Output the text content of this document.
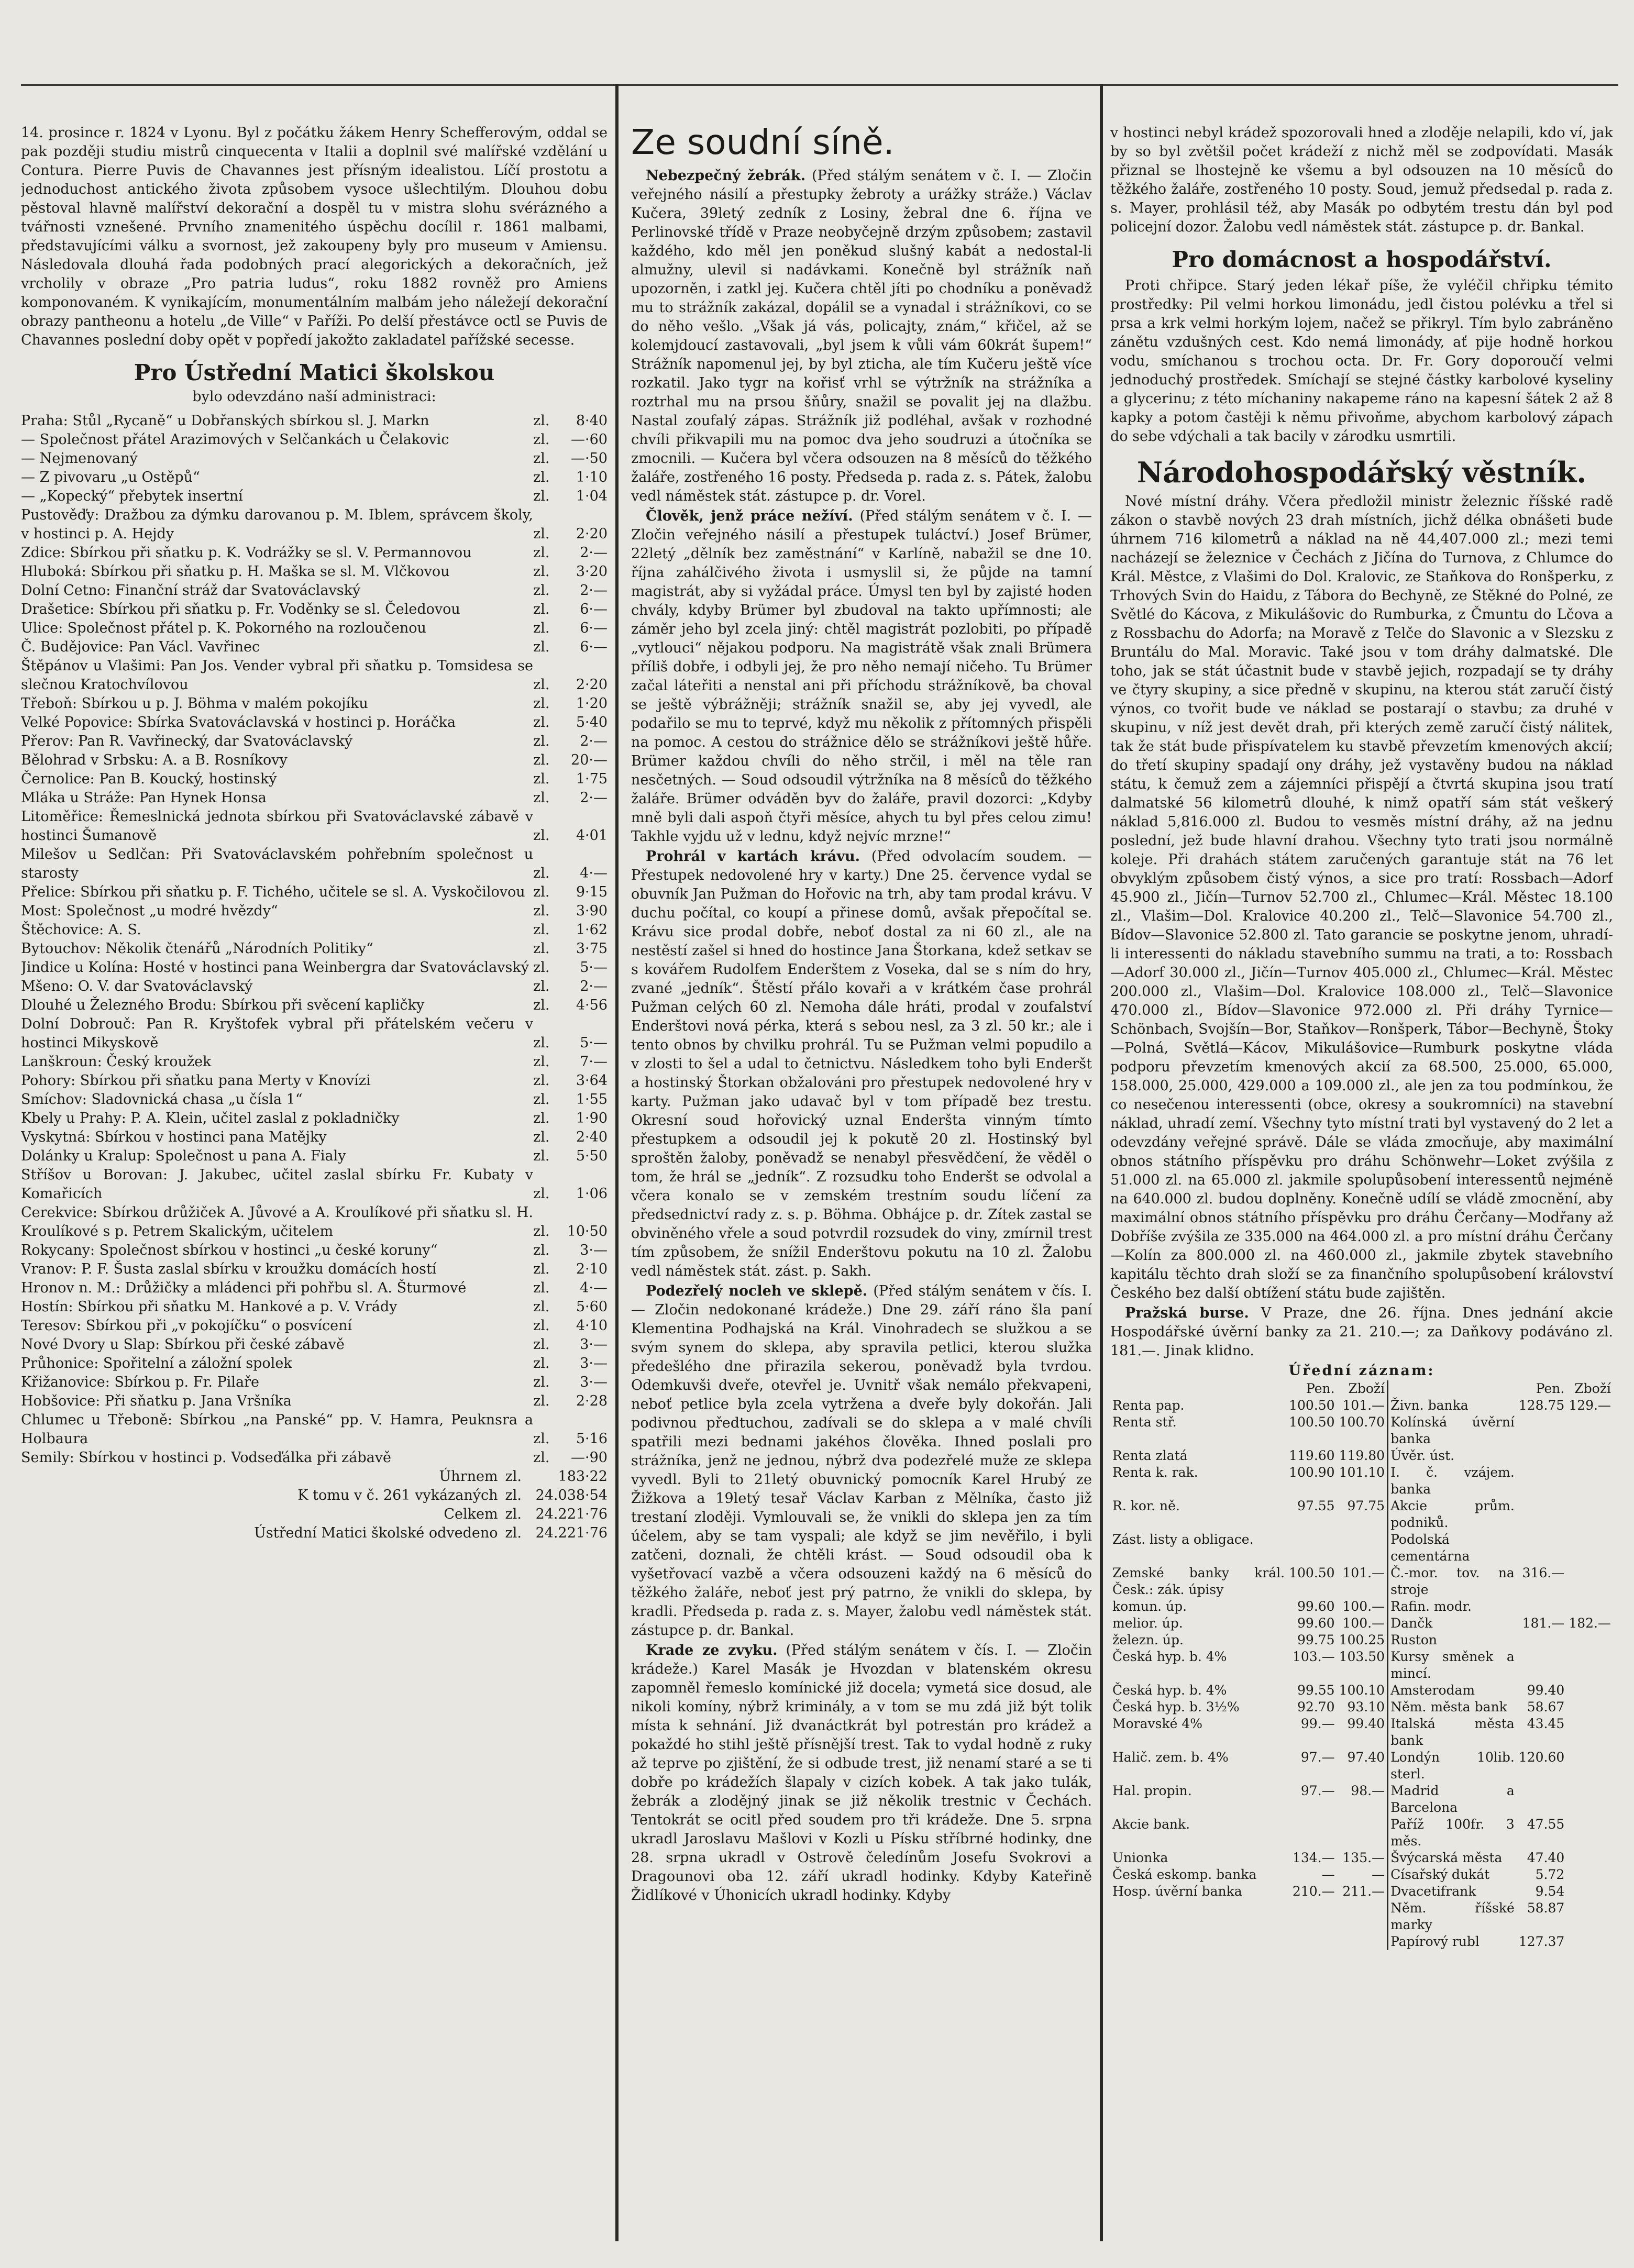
14. prosince r. 1824 v Lyonu. Byl z počátku žákem Henry Schefferovým, oddal se pak později studiu mistrů cinquecenta v Italii a doplnil své malířské vzdělání u Contura. Pierre Puvis de Chavannes jest přísným idealistou. Líčí prostotu a jednoduchost antického života způsobem vysoce ušlechtilým. Dlouhou dobu pěstoval hlavně malířství dekorační a dospěl tu v mistra slohu svérázného a tvářnosti vznešené. Prvního znamenitého úspěchu docílil r. 1861 malbami, představujícími válku a svornost, jež zakoupeny byly pro museum v Amiensu. Následovala dlouhá řada podobných prací alegorických a dekoračních, jež vrcholily v obraze „Pro patria ludus“, roku 1882 rovněž pro Amiens komponovaném. K vynikajícím, monumentálním malbám jeho náležejí dekorační obrazy pantheonu a hotelu „de Ville“ v Paříži. Po delší přestávce octl se Puvis de Chavannes poslední doby opět v popředí jakožto zakladatel pařížské secesse.

Pro Ústřední Matici školskou
bylo odevzdáno naší administraci:
Praha: Stůl „Rycaně“ u Dobřanských sbírkou sl. J. Markn	zl.	8·40
— Společnost přátel Arazimových v Selčankách u Čelakovic	zl.	—·60
— Nejmenovaný	zl.	—·50
— Z pivovaru „u Ostěpů“	zl.	1·10
— „Kopecký“ přebytek insertní	zl.	1·04
Pustověďy: Dražbou za dýmku darovanou p. M. Iblem, správcem školy, v hostinci p. A. Hejdy	zl.	2·20
Zdice: Sbírkou při sňatku p. K. Vodrážky se sl. V. Permannovou	zl.	2·—
Hluboká: Sbírkou při sňatku p. H. Maška se sl. M. Vlčkovou	zl.	3·20
Dolní Cetno: Finanční stráž dar Svatováclavský	zl.	2·—
Drašetice: Sbírkou při sňatku p. Fr. Voděnky se sl. Čeledovou	zl.	6·—
Ulice: Společnost přátel p. K. Pokorného na rozloučenou	zl.	6·—
Č. Budějovice: Pan Václ. Vavřinec	zl.	6·—
Štěpánov u Vlašimi: Pan Jos. Vender vybral při sňatku p. Tomsidesa se slečnou Kratochvílovou	zl.	2·20
Třeboň: Sbírkou u p. J. Böhma v malém pokojíku	zl.	1·20
Velké Popovice: Sbírka Svatováclavská v hostinci p. Horáčka	zl.	5·40
Přerov: Pan R. Vavřinecký, dar Svatováclavský	zl.	2·—
Bělohrad v Srbsku: A. a B. Rosníkovy	zl.	20·—
Černolice: Pan B. Koucký, hostinský	zl.	1·75
Mláka u Stráže: Pan Hynek Honsa	zl.	2·—
Litoměřice: Řemeslnická jednota sbírkou při Svatováclavské zábavě v hostinci Šumanově	zl.	4·01
Milešov u Sedlčan: Při Svatováclavském pohřebním společnost u starosty	zl.	4·—
Přelice: Sbírkou při sňatku p. F. Tichého, učitele se sl. A. Vyskočilovou zl.	9·15
Most: Společnost „u modré hvězdy“	zl.	3·90
Štěchovice: A. S.	zl.	1·62
Bytouchov: Několik čtenářů „Národních Politiky“	zl.	3·75
Jindice u Kolína: Hosté v hostinci pana Weinbergra dar Svatováclavský zl.	5·—
Mšeno: O. V. dar Svatováclavský	zl.	2·—
Dlouhé u Železného Brodu: Sbírkou při svěcení kapličky	zl.	4·56
Dolní Dobrouč: Pan R. Kryštofek vybral při přátelském večeru v hostinci Mikyskově	zl.	5·—
Lanškroun: Český kroužek	zl.	7·—
Pohory: Sbírkou při sňatku pana Merty v Knovízi	zl.	3·64
Smíchov: Sladovnická chasa „u čísla 1“	zl.	1·55
Kbely u Prahy: P. A. Klein, učitel zaslal z pokladničky	zl.	1·90
Vyskytná: Sbírkou v hostinci pana Matějky	zl.	2·40
Dolánky u Kralup: Společnost u pana A. Fialy	zl.	5·50
Stříšov u Borovan: J. Jakubec, učitel zaslal sbírku Fr. Kubaty v Komařicích	zl.	1·06
Cerekvice: Sbírkou drůžiček A. Jůvové a A. Kroulíkové při sňatku sl. H. Kroulíkové s p. Petrem Skalickým, učitelem	zl.	10·50
Rokycany: Společnost sbírkou v hostinci „u české koruny“	zl.	3·—
Vranov: P. F. Šusta zaslal sbírku v kroužku domácích hostí	zl.	2·10
Hronov n. M.: Drůžičky a mládenci při pohřbu sl. A. Šturmové	zl.	4·—
Hostín: Sbírkou při sňatku M. Hankové a p. V. Vrády	zl.	5·60
Teresov: Sbírkou při „v pokojíčku“ o posvícení	zl.	4·10
Nové Dvory u Slap: Sbírkou při české zábavě	zl.	3·—
Průhonice: Spořitelní a záložní spolek	zl.	3·—
Křižanovice: Sbírkou p. Fr. Pilaře	zl.	3·—
Hobšovice: Při sňatku p. Jana Vršníka	zl.	2·28
Chlumec u Třeboně: Sbírkou „na Panské“ pp. V. Hamra, Peuknsra a Holbaura	zl.	5·16
Semily: Sbírkou v hostinci p. Vodseďálka při zábavě	zl.	—·90
Úhrnem zl.	183·22
K tomu v č. 261 vykázaných zl. 24.038·54
Celkem zl. 24.221·76
Ústřední Matici školské odvedeno zl. 24.221·76
Ze soudní síně.

Nebezpečný žebrák. (Před stálým senátem v č. I. — Zločin veřejného násilí a přestupky žebroty a urážky stráže.) Václav Kučera, 39letý zedník z Losiny, žebral dne 6. října ve Perlinovské třídě v Praze neobyčejně drzým způsobem; zastavil každého, kdo měl jen poněkud slušný kabát a nedostal-li almužny, ulevil si nadávkami. Konečně byl strážník naň upozorněn, i zatkl jej. Kučera chtěl jíti po chodníku a poněvadž mu to strážník zakázal, dopálil se a vynadal i strážníkovi, co se do něho vešlo. „Však já vás, policajty, znám,“ křičel, až se kolemjdoucí zastavovali, „byl jsem k vůli vám 60krát šupem!“ Strážník napomenul jej, by byl zticha, ale tím Kučeru ještě více rozkatil. Jako tygr na kořisť vrhl se výtržník na strážníka a roztrhal mu na prsou šňůry, snažil se povalit jej na dlažbu. Nastal zoufalý zápas. Strážník již podléhal, avšak v rozhodné chvíli přikvapili mu na pomoc dva jeho soudruzi a útočníka se zmocnili. — Kučera byl včera odsouzen na 8 měsíců do těžkého žaláře, zostřeného 16 posty. Předseda p. rada z. s. Pátek, žalobu vedl náměstek stát. zástupce p. dr. Vorel.

Člověk, jenž práce nežíví. (Před stálým senátem v č. I. — Zločin veřejného násilí a přestupek tuláctví.) Josef Brümer, 22letý „dělník bez zaměstnání“ v Karlíně, nabažil se dne 10. října zahálčivého života i usmyslil si, že půjde na tamní magistrát, aby si vyžádal práce. Úmysl ten byl by zajisté hoden chvály, kdyby Brümer byl zbudoval na takto upřímnosti; ale záměr jeho byl zcela jiný: chtěl magistrát pozlobiti, po případě „vytlouci“ nějakou podporu. Na magistrátě však znali Brümera příliš dobře, i odbyli jej, že pro něho nemají ničeho. Tu Brümer začal láteřiti a nenstal ani při příchodu strážníkově, ba choval se ještě výbrážněji; strážník snažil se, aby jej vyvedl, ale podařilo se mu to teprvé, když mu několik z přítomných přispěli na pomoc. A cestou do strážnice dělo se strážníkovi ještě hůře. Brümer každou chvíli do něho strčil, i měl na těle ran nesčetných. — Soud odsoudil výtržníka na 8 měsíců do těžkého žaláře. Brümer odváděn byv do žaláře, pravil dozorci: „Kdyby mně byli dali aspoň čtyři měsíce, ahych tu byl přes celou zimu! Takhle vyjdu už v lednu, když nejvíc mrzne!“

Prohrál v kartách krávu. (Před odvolacím soudem. — Přestupek nedovolené hry v karty.) Dne 25. července vydal se obuvník Jan Pužman do Hořovic na trh, aby tam prodal krávu. V duchu počítal, co koupí a přinese domů, avšak přepočítal se. Krávu sice prodal dobře, neboť dostal za ni 60 zl., ale na nestěstí zašel si hned do hostince Jana Štorkana, kdež setkav se s kovářem Rudolfem Enderštem z Voseka, dal se s ním do hry, zvané „jedník“. Štěstí přálo kovaři a v krátkém čase prohrál Pužman celých 60 zl. Nemoha dále hráti, prodal v zoufalství Enderštovi nová pérka, která s sebou nesl, za 3 zl. 50 kr.; ale i tento obnos by chvilku prohrál. Tu se Pužman velmi popudilo a v zlosti to šel a udal to četnictvu. Následkem toho byli Enderšt a hostinský Štorkan obžalováni pro přestupek nedovolené hry v karty. Pužman jako udavač byl v tom případě bez trestu. Okresní soud hořovický uznal Enderšta vinným tímto přestupkem a odsoudil jej k pokutě 20 zl. Hostinský byl sproštěn žaloby, poněvadž se nenabyl přesvědčení, že věděl o tom, že hrál se „jedník“. Z rozsudku toho Enderšt se odvolal a včera konalo se v zemském trestním soudu líčení za předsednictví rady z. s. p. Böhma. Obhájce p. dr. Zítek zastal se obviněného vřele a soud potvrdil rozsudek do viny, zmírnil trest tím způsobem, že snížil Enderštovu pokutu na 10 zl. Žalobu vedl náměstek stát. zást. p. Sakh.

Podezřelý nocleh ve sklepě. (Před stálým senátem v čís. I. — Zločin nedokonané krádeže.) Dne 29. září ráno šla paní Klementina Podhajská na Král. Vinohradech se služkou a se svým synem do sklepa, aby spravila petlici, kterou služka předešlého dne přirazila sekerou, poněvadž byla tvrdou. Odemkuvši dveře, otevřel je. Uvnitř však nemálo překvapeni, neboť petlice byla zcela vytržena a dveře byly dokořán. Jali podivnou předtuchou, zadívali se do sklepa a v malé chvíli spatřili mezi bednami jakéhos člověka. Ihned poslali pro strážníka, jenž ne jednou, nýbrž dva podezřelé muže ze sklepa vyvedl. Byli to 21letý obuvnický pomocník Karel Hrubý ze Žižkova a 19letý tesař Václav Karban z Mělníka, často již trestaní zloději. Vymlouvali se, že vnikli do sklepa jen za tím účelem, aby se tam vyspali; ale když se jim nevěřilo, i byli zatčeni, doznali, že chtěli krást. — Soud odsoudil oba k vyšetřovací vazbě a včera odsouzeni každý na 6 měsíců do těžkého žaláře, neboť jest prý patrno, že vnikli do sklepa, by kradli. Předseda p. rada z. s. Mayer, žalobu vedl náměstek stát. zástupce p. dr. Bankal.

Krade ze zvyku. (Před stálým senátem v čís. I. — Zločin krádeže.) Karel Masák je Hvozdan v blatenském okresu zapomněl řemeslo komínické již docela; vymetá sice dosud, ale nikoli komíny, nýbrž kriminály, a v tom se mu zdá již být tolik místa k sehnání. Již dvanáctkrát byl potrestán pro krádež a pokaždé ho stihl ještě přísnější trest. Tak to vydal hodně z ruky až teprve po zjištění, že si odbude trest, již nenamí staré a se ti dobře po krádežích šlapaly v cizích kobek. A tak jako tulák, žebrák a zlodějný jinak se již několik trestnic v Čechách. Tentokrát se ocitl před soudem pro tři krádeže. Dne 5. srpna ukradl Jaroslavu Mašlovi v Kozli u Písku stříbrné hodinky, dne 28. srpna ukradl v Ostrově čeledínům Josefu Svokrovi a Dragounovi oba 12. září ukradl hodinky. Kdyby Kateřině Židlíkové v Úhonicích ukradl hodinky. Kdyby

v hostinci nebyl krádež spozorovali hned a zloděje nelapili, kdo ví, jak by so byl zvětšil počet krádeží z nichž měl se zodpovídati. Masák přiznal se lhostejně ke všemu a byl odsouzen na 10 měsíců do těžkého žaláře, zostřeného 10 posty. Soud, jemuž předsedal p. rada z. s. Mayer, prohlásil též, aby Masák po odbytém trestu dán byl pod policejní dozor. Žalobu vedl náměstek stát. zástupce p. dr. Bankal.

Pro domácnost a hospodářství.

Proti chřipce. Starý jeden lékař píše, že vyléčil chřipku témito prostředky: Pil velmi horkou limonádu, jedl čistou polévku a třel si prsa a krk velmi horkým lojem, načež se přikryl. Tím bylo zabráněno zánětu vzdušných cest. Kdo nemá limonády, ať pije hodně horkou vodu, smíchanou s trochou octa. Dr. Fr. Gory doporoučí velmi jednoduchý prostředek. Smíchají se stejné částky karbolové kyseliny a glycerinu; z této míchaniny nakapeme ráno na kapesní šátek 2 až 8 kapky a potom častěji k němu přivoňme, abychom karbolový zápach do sebe vdýchali a tak bacily v zárodku usmrtili.

Národohospodářský věstník.

Nové místní dráhy. Včera předložil ministr železnic říšské radě zákon o stavbě nových 23 drah místních, jichž délka obnášeti bude úhrnem 716 kilometrů a náklad na ně 44,407.000 zl.; mezi temi nacházejí se železnice v Čechách z Jičína do Turnova, z Chlumce do Král. Městce, z Vlašimi do Dol. Kralovic, ze Staňkova do Ronšperku, z Trhových Svin do Haidu, z Tábora do Bechyně, ze Stěkné do Polné, ze Světlé do Kácova, z Mikulášovic do Rumburka, z Čmuntu do Lčova a z Rossbachu do Adorfa; na Moravě z Telče do Slavonic a v Slezsku z Bruntálu do Mal. Moravic. Také jsou v tom dráhy dalmatské. Dle toho, jak se stát účastnit bude v stavbě jejich, rozpadají se ty dráhy ve čtyry skupiny, a sice předně v skupinu, na kterou stát zaručí čistý výnos, co tvořit bude ve náklad se postarají o stavbu; za druhé v skupinu, v níž jest devět drah, při kterých země zaručí čistý nálitek, tak že stát bude přispívatelem ku stavbě převzetím kmenových akcií; do třetí skupiny spadají ony dráhy, jež vystavěny budou na náklad státu, k čemuž zem a zájemníci přispějí a čtvrtá skupina jsou tratí dalmatské 56 kilometrů dlouhé, k nimž opatří sám stát veškerý náklad 5,816.000 zl. Budou to vesměs místní dráhy, až na jednu poslední, jež bude hlavní drahou. Všechny tyto trati jsou normálně koleje. Při drahách státem zaručených garantuje stát na 76 let obvyklým způsobem čistý výnos, a sice pro tratí: Rossbach—Adorf 45.900 zl., Jičín—Turnov 52.700 zl., Chlumec—Král. Městec 18.100 zl., Vlašim—Dol. Kralovice 40.200 zl., Telč—Slavonice 54.700 zl., Bídov—Slavonice 52.800 zl. Tato garancie se poskytne jenom, uhradí-li interessenti do nákladu stavebního summu na trati, a to: Rossbach—Adorf 30.000 zl., Jičín—Turnov 405.000 zl., Chlumec—Král. Městec 200.000 zl., Vlašim—Dol. Kralovice 108.000 zl., Telč—Slavonice 470.000 zl., Bídov—Slavonice 972.000 zl. Při dráhy Tyrnice—Schönbach, Svojšín—Bor, Staňkov—Ronšperk, Tábor—Bechyně, Štoky—Polná, Světlá—Kácov, Mikulášovice—Rumburk poskytne vláda podporu převzetím kmenových akcií za 68.500, 25.000, 65.000, 158.000, 25.000, 429.000 a 109.000 zl., ale jen za tou podmínkou, že co nesečenou interessenti (obce, okresy a soukromníci) na stavební náklad, uhradí zemí. Všechny tyto místní trati byl vystavený do 2 let a odevzdány veřejné správě. Dále se vláda zmocňuje, aby maximální obnos státního příspěvku pro dráhu Schönwehr—Loket zvýšila z 51.000 zl. na 65.000 zl. jakmile spolupůsobení interessentů nejméně na 640.000 zl. budou doplněny. Konečně udílí se vládě zmocnění, aby maximální obnos státního příspěvku pro dráhu Čerčany—Modřany až Dobříše zvýšila ze 335.000 na 464.000 zl. a pro místní dráhu Čerčany—Kolín za 800.000 zl. na 460.000 zl., jakmile zbytek stavebního kapitálu těchto drah složí se za finančního spolupůsobení království Českého bez další obtížení státu bude zajištěn.

Pražská burse. V Praze, dne 26. října. Dnes jednání akcie Hospodářské úvěrní banky za 21. 210.—; za Daňkovy podáváno zl. 181.—. Jinak klidno.

Úřední záznam:
	Pen.	Zboží		Pen.	Zboží
Renta pap.	100.50	101.—	Živn. banka	128.75	129.—
Renta stř.	100.50	100.70	Kolínská úvěrní banka		
Renta zlatá	119.60	119.80	Úvěr. úst.		
Renta k. rak.	100.90	101.10	I. č. vzájem. banka		
R. kor. ně.	97.55	97.75	Akcie prům. podniků.		
Zást. listy a obligace.			Podolská cementárna		
Zemské banky král. Česk.: zák. úpisy	100.50	101.—	Č.-mor. tov. na stroje	316.—	
komun. úp.	99.60	100.—	Rafin. modr.		
melior. úp.	99.60	100.—	Dančk	181.—	182.—
železn. úp.	99.75	100.25	Ruston		
Česká hyp. b. 4%	103.—	103.50	Kursy směnek a mincí.		
Česká hyp. b. 4%	99.55	100.10	Amsterodam	99.40	
Česká hyp. b. 3½%	92.70	93.10	Něm. města bank	58.67	
Moravské 4%	99.—	99.40	Italská města bank	43.45	
Halič. zem. b. 4%	97.—	97.40	Londýn 10lib. sterl.	120.60	
Hal. propin.	97.—	98.—	Madrid a Barcelona		
Akcie bank.			Paříž 100fr. 3 měs.	47.55	
Unionka	134.—	135.—	Švýcarská města	47.40	
Česká eskomp. banka	—	—	Císařský dukát	5.72	
Hosp. úvěrní banka	210.—	211.—	Dvacetifrank	9.54	
			Něm. říšské marky	58.87	
			Papírový rubl	127.37	
